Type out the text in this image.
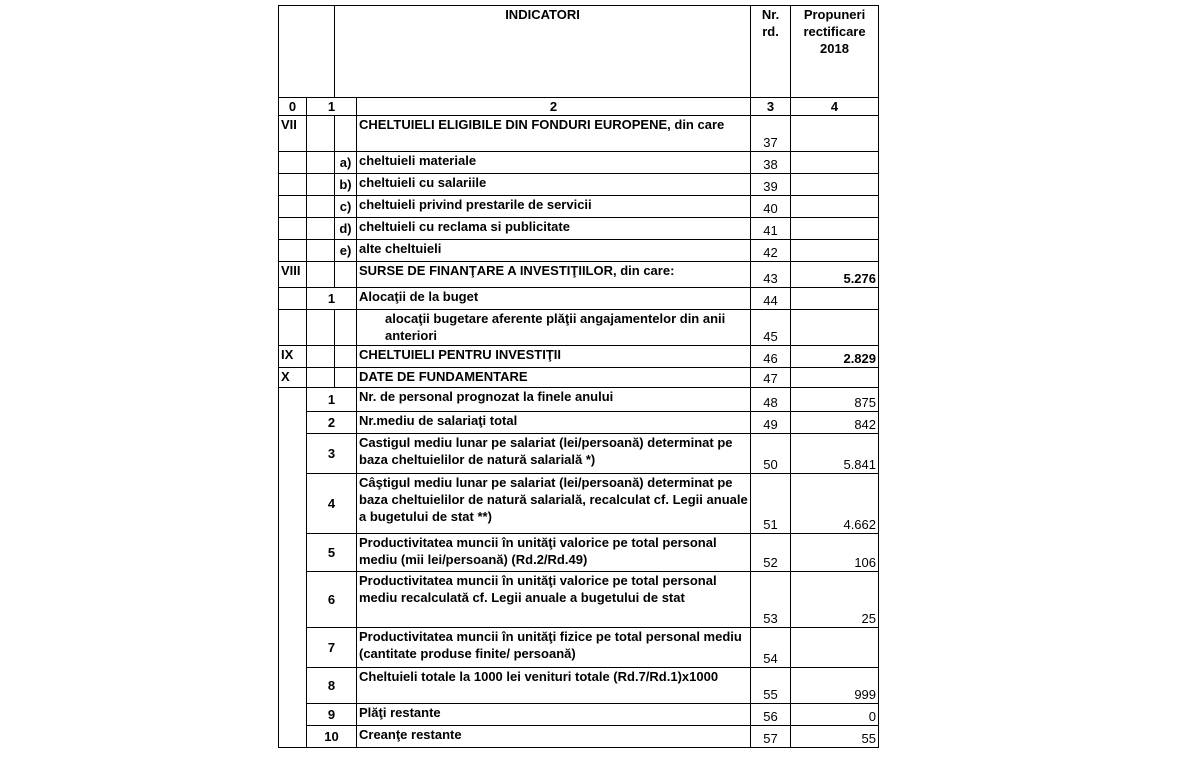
		INDICATORI		Nr. rd.	Propuneri rectificare 2018
0	1		2	3	4
VII			CHELTUIELI ELIGIBILE DIN FONDURI EUROPENE, din care	37	
		a)	cheltuieli materiale	38	
		b)	cheltuieli cu salariile	39	
		c)	cheltuieli privind prestarile de servicii	40	
		d)	cheltuieli cu reclama si publicitate	41	
		e)	alte cheltuieli	42	
VIII			SURSE DE FINANŢARE A INVESTIŢIILOR, din care:	43	5.276
	1		Alocaţii de la buget	44	
			alocaţii bugetare aferente plăţii angajamentelor din anii anteriori	45	
IX			CHELTUIELI PENTRU INVESTIŢII	46	2.829
X			DATE DE FUNDAMENTARE	47	
	1		Nr. de personal prognozat la finele anului	48	875
	2		Nr.mediu de salariaţi total	49	842
	3		Castigul mediu lunar pe salariat (lei/persoană) determinat pe baza cheltuielilor de natură salarială *)	50	5.841
	4		Câştigul mediu lunar pe salariat (lei/persoană) determinat pe baza cheltuielilor de natură salarială, recalculat cf. Legii anuale a bugetului de stat **)	51	4.662
	5		Productivitatea muncii în unităţi valorice pe total personal mediu (mii lei/persoană) (Rd.2/Rd.49)	52	106
	6		Productivitatea muncii în unităţi valorice pe total personal mediu recalculată cf. Legii anuale a bugetului de stat	53	25
	7		Productivitatea muncii în unităţi fizice pe total personal mediu (cantitate produse finite/ persoană)	54	
	8		Cheltuieli totale la 1000 lei venituri totale (Rd.7/Rd.1)x1000	55	999
	9		Plăţi restante	56	0
	10		Creanţe restante	57	55
